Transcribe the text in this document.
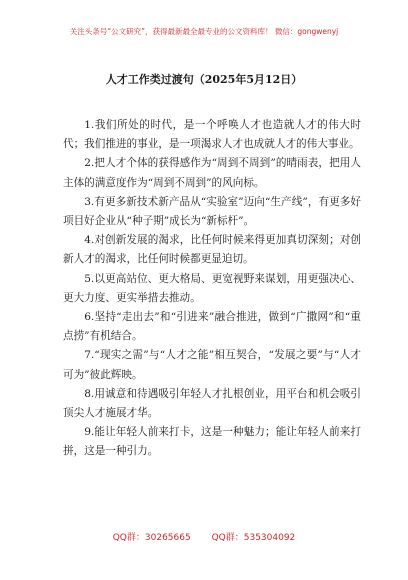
关注头条号“公文研究”，获得最新最全最专业的公文资料库！ 微信：gongwenyj
人才工作类过渡句（2025年5月12日）

1.我们所处的时代，是一个呼唤人才也造就人才的伟大时代；我们推进的事业，是一项渴求人才也成就人才的伟大事业。

2.把人才个体的获得感作为“周到不周到”的晴雨表，把用人主体的满意度作为“周到不周到”的风向标。

3.有更多新技术新产品从“实验室”迈向“生产线”，有更多好项目好企业从“种子期”成长为“新标杆”。

4.对创新发展的渴求，比任何时候来得更加真切深刻；对创新人才的渴求，比任何时候都更显迫切。

5.以更高站位、更大格局、更宽视野来谋划，用更强决心、更大力度、更实举措去推动。

6.坚持“走出去”和“引进来”融合推进，做到“广撒网”和“重点捞”有机结合。

7.“现实之需”与“人才之能”相互契合，“发展之要”与“人才可为”彼此辉映。

8.用诚意和待遇吸引年轻人才扎根创业，用平台和机会吸引顶尖人才施展才华。

9.能让年轻人前来打卡，这是一种魅力；能让年轻人前来打拼，这是一种引力。

QQ群：30265665 QQ群：535304092
